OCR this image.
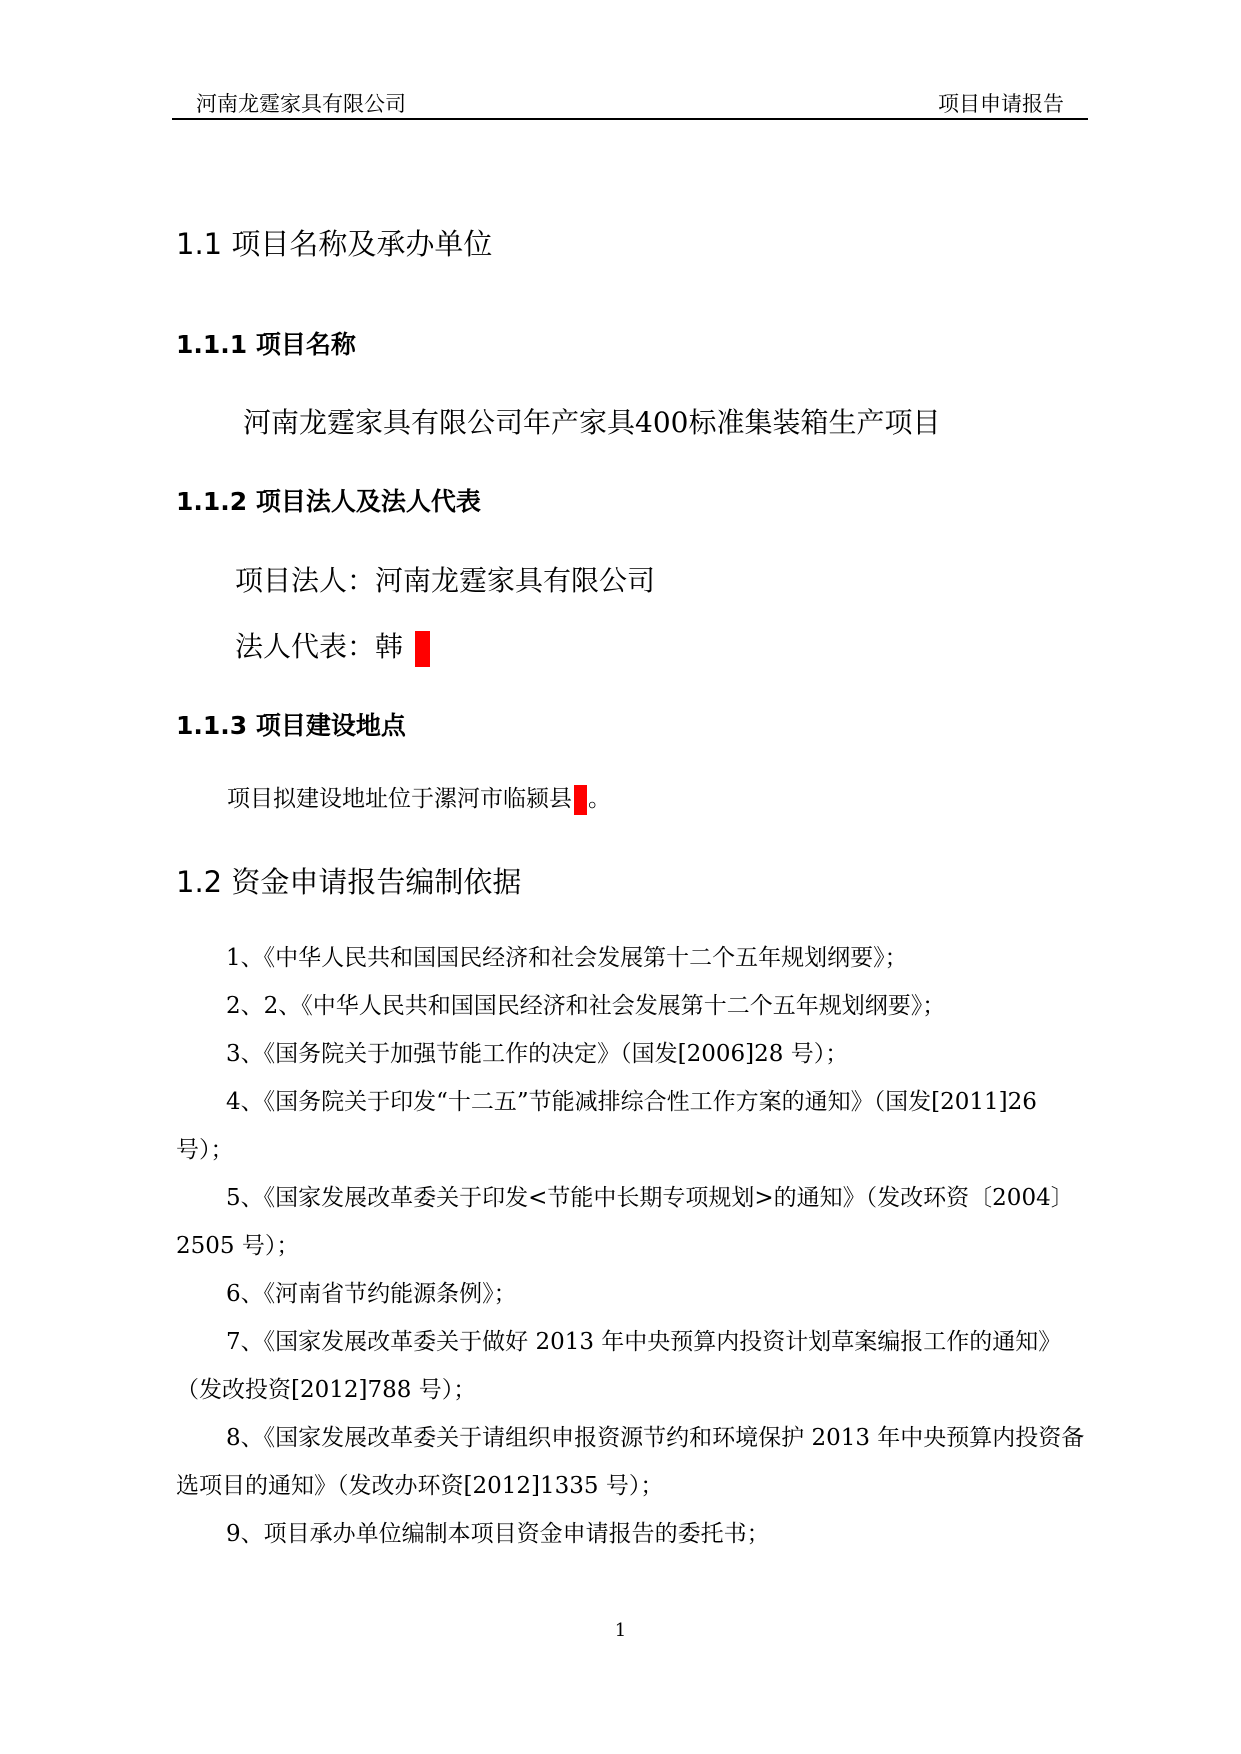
河南龙霆家具有限公司	项目申请报告
1.1 项目名称及承办单位
1.1.1 项目名称

河南龙霆家具有限公司年产家具400标准集装箱生产项目

1.1.2 项目法人及法人代表

项目法人：河南龙霆家具有限公司

法人代表：韩

1.1.3 项目建设地点

项目拟建设地址位于漯河市临颍县 。

1.2 资金申请报告编制依据

1、《中华人民共和国国民经济和社会发展第十二个五年规划纲要》；

2、2、《中华人民共和国国民经济和社会发展第十二个五年规划纲要》；

3、《国务院关于加强节能工作的决定》（国发[2006]28 号）；

4、《国务院关于印发“十二五”节能减排综合性工作方案的通知》（国发[2011]26 号）；

5、《国家发展改革委关于印发<节能中长期专项规划>的通知》（发改环资〔2004〕2505 号）；

6、《河南省节约能源条例》；

7、《国家发展改革委关于做好 2013 年中央预算内投资计划草案编报工作的通知》（发改投资[2012]788 号）；

8、《国家发展改革委关于请组织申报资源节约和环境保护 2013 年中央预算内投资备选项目的通知》（发改办环资[2012]1335 号）；

9、项目承办单位编制本项目资金申请报告的委托书；

1
